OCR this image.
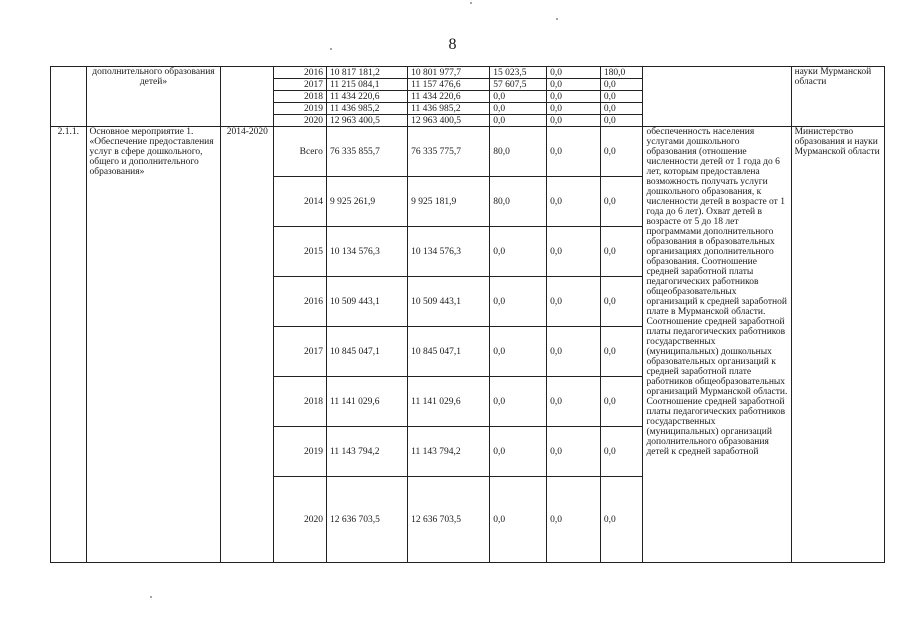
8
	дополнительного образования детей»		2016	10 817 181,2	10 801 977,7	15 023,5	0,0	180,0		науки Мурманской области
			2017	11 215 084,1	11 157 476,6	57 607,5	0,0	0,0		
			2018	11 434 220,6	11 434 220,6	0,0	0,0	0,0		
			2019	11 436 985,2	11 436 985,2	0,0	0,0	0,0		
			2020	12 963 400,5	12 963 400,5	0,0	0,0	0,0		
2.1.1.	Основное мероприятие 1. «Обеспечение предоставления услуг в сфере дошкольного, общего и дополнительного образования»	2014-2020	Всего	76 335 855,7	76 335 775,7	80,0	0,0	0,0	обеспеченность населения услугами дошкольного образования (отношение численности детей от 1 года до 6 лет, которым предоставлена возможность получать услуги дошкольного образования, к численности детей в возрасте от 1 года до 6 лет). Охват детей в возрасте от 5 до 18 лет программами дополнительного образования в образовательных организациях дополнительного образования. Соотношение средней заработной платы педагогических работников общеобразовательных организаций к средней заработной плате в Мурманской области. Соотношение средней заработной платы педагогических работников государственных (муниципальных) дошкольных образовательных организаций к средней заработной плате работников общеобразовательных организаций Мурманской области. Соотношение средней заработной платы педагогических работников государственных (муниципальных) организаций дополнительного образования детей к средней заработной	Министерство образования и науки Мурманской области
			2014	9 925 261,9	9 925 181,9	80,0	0,0	0,0		
			2015	10 134 576,3	10 134 576,3	0,0	0,0	0,0		
			2016	10 509 443,1	10 509 443,1	0,0	0,0	0,0		
			2017	10 845 047,1	10 845 047,1	0,0	0,0	0,0		
			2018	11 141 029,6	11 141 029,6	0,0	0,0	0,0		
			2019	11 143 794,2	11 143 794,2	0,0	0,0	0,0		
			2020	12 636 703,5	12 636 703,5	0,0	0,0	0,0		
